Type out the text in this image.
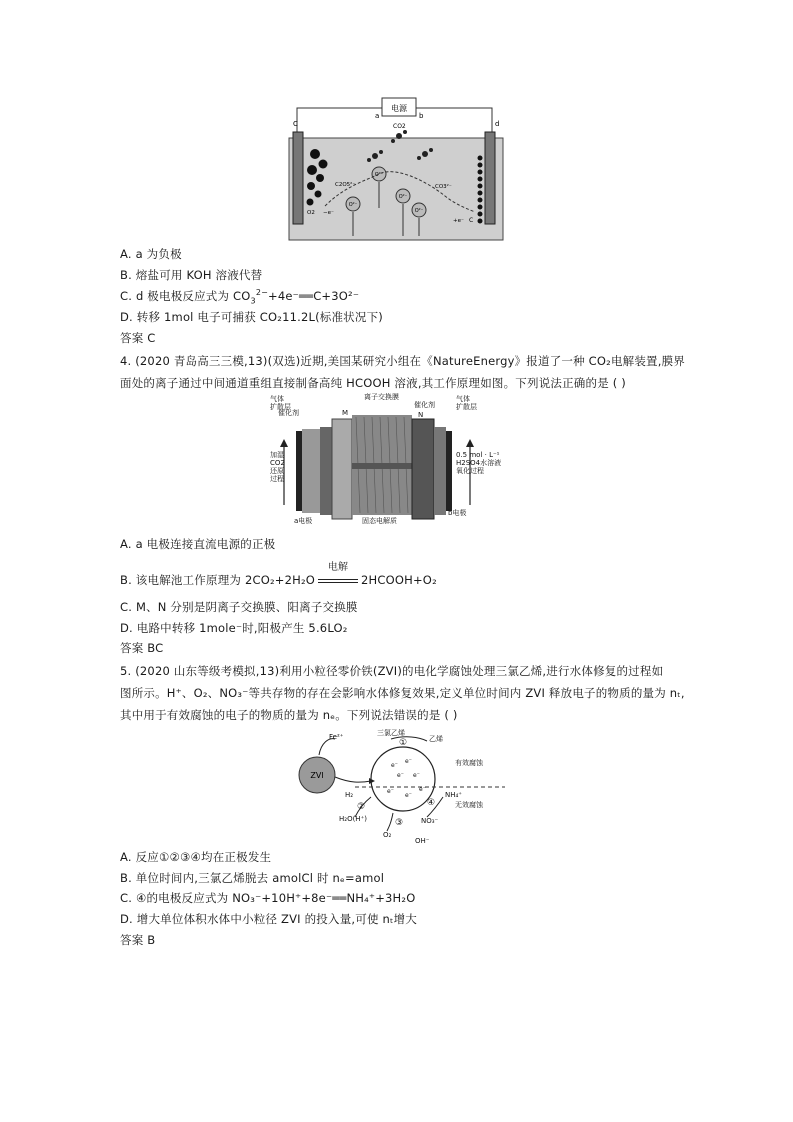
电源
a	b
C	d
CO2
O²⁻
O²⁻
O²⁻
O²⁻
C2O5²⁻	CO3²⁻
O2 −e⁻
+e⁻ C
A. a 为负极
B. 熔盐可用 KOH 溶液代替
C. d 极电极反应式为 $CO_3^{2-}+4e^-══C+3O^{2-}$
D. 转移 1mol 电子可捕获 CO₂11.2L(标准状况下)
答案 C
4. (2020 青岛高三三模,13)(双选)近期,美国某研究小组在《NatureEnergy》报道了一种 CO₂电解装置,膜界
面处的离子通过中间通道重组直接制备高纯 HCOOH 溶液,其工作原理如图。下列说法正确的是 ( )
气体扩散层
催化剂	M
离子交换膜
催化剂
N
气体扩散层
加湿 CO2 还原过程
0.5 mol · L⁻¹ H2SO4水溶液氧化过程
a电极	固态电解质
b电极
A. a 电极连接直流电源的正极
B. 该电解池工作原理为 2CO₂+2H₂O
电解
2HCOOH+O₂
C. M、N 分别是阴离子交换膜、阳离子交换膜
D. 电路中转移 1mole⁻时,阳极产生 5.6LO₂
答案 BC
5. (2020 山东等级考模拟,13)利用小粒径零价铁(ZVI)的电化学腐蚀处理三氯乙烯,进行水体修复的过程如
图所示。H⁺、O₂、NO₃⁻等共存物的存在会影响水体修复效果,定义单位时间内 ZVI 释放电子的物质的量为 nₜ,
其中用于有效腐蚀的电子的物质的量为 nₑ。下列说法错误的是 ( )
ZVI
Fe²⁺
e⁻
e⁻
e⁻ e⁻
e⁻
e⁻
e⁻
三氯乙烯
乙烯
有效腐蚀
无效腐蚀
H₂
H₂O(H⁺)
O₂
NO₃⁻
OH⁻
NH₄⁺
①
②
③
④
A. 反应①②③④均在正极发生
B. 单位时间内,三氯乙烯脱去 amolCl 时 nₑ=amol
C. ④的电极反应式为 NO₃⁻+10H⁺+8e⁻══NH₄⁺+3H₂O
D. 增大单位体积水体中小粒径 ZVI 的投入量,可使 nₜ增大
答案 B
